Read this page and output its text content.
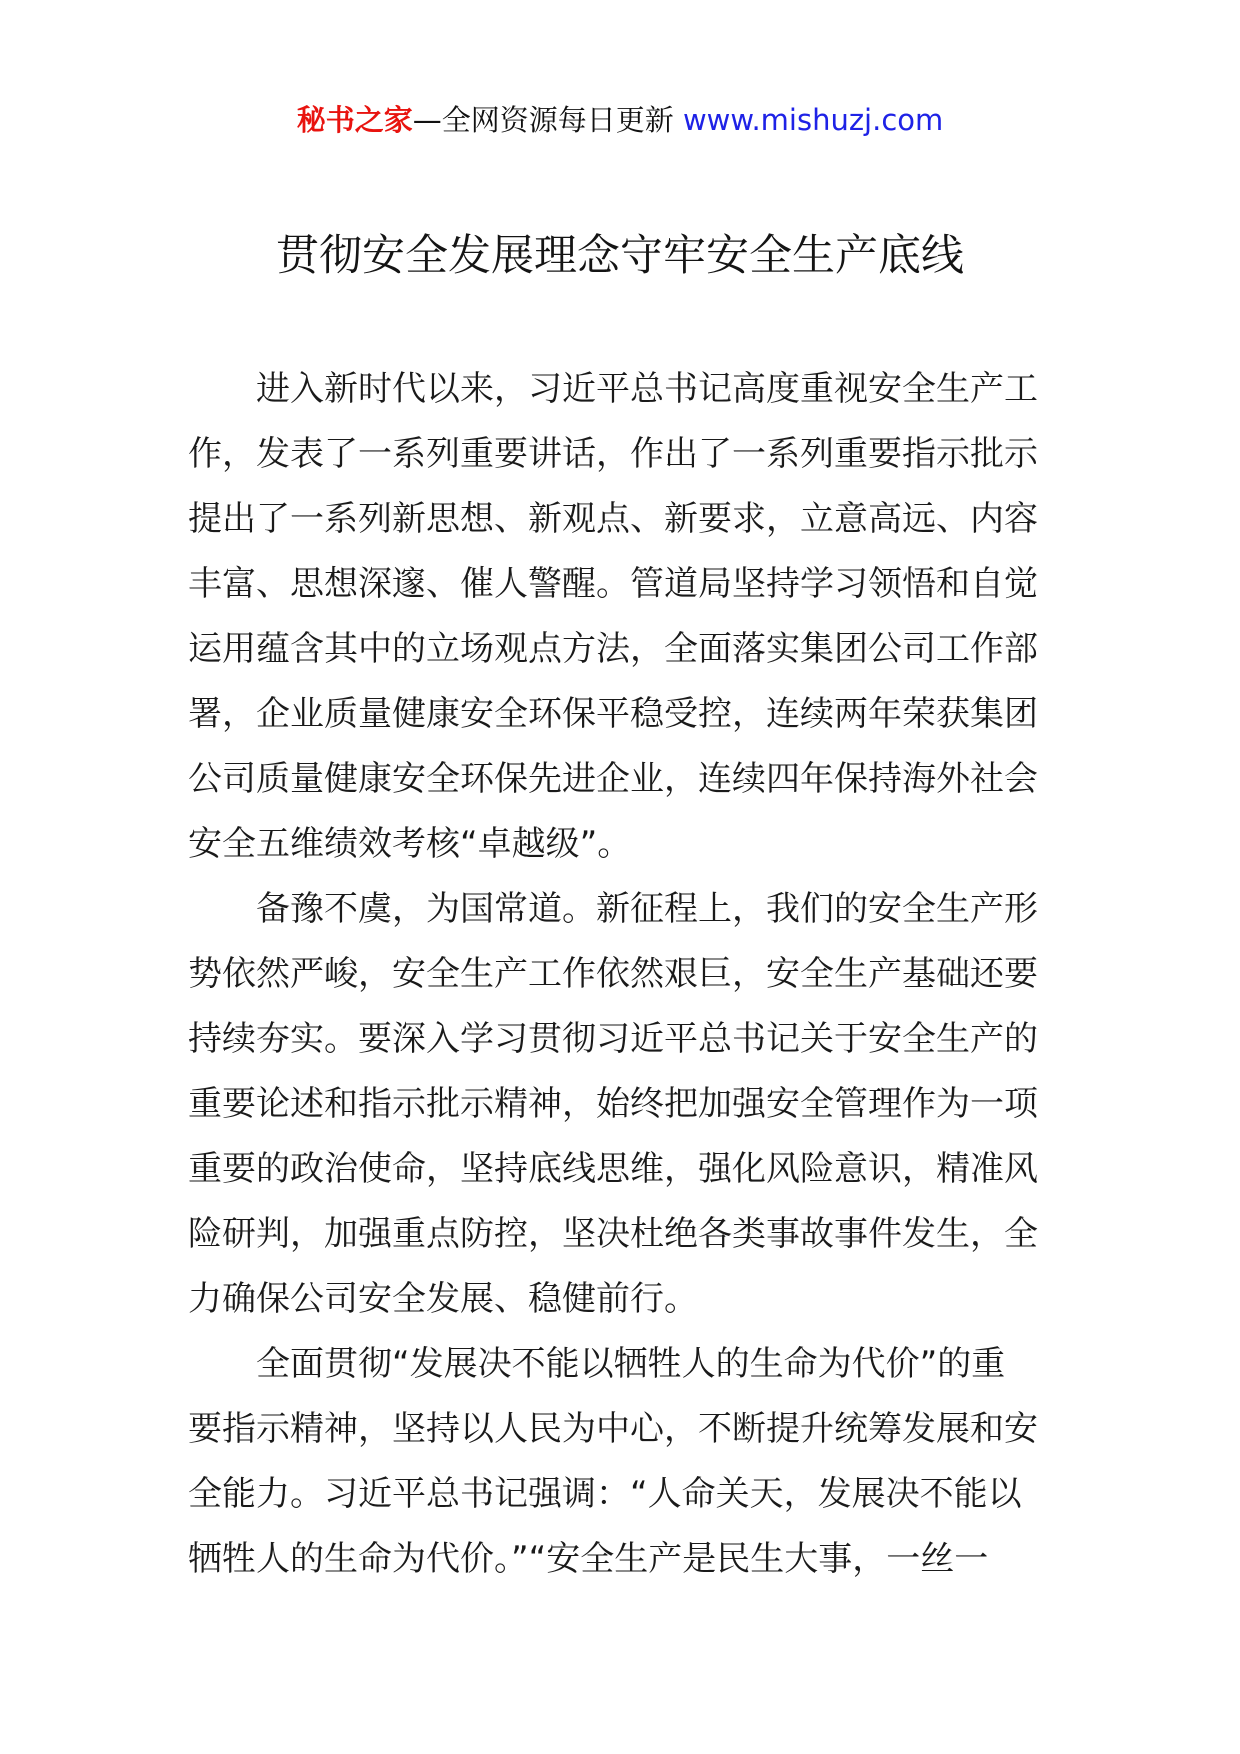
秘书之家—全网资源每日更新 www.mishuzj.com
贯彻安全发展理念守牢安全生产底线
　　进入新时代以来，习近平总书记高度重视安全生产工
作，发表了一系列重要讲话，作出了一系列重要指示批示
提出了一系列新思想、新观点、新要求，立意高远、内容
丰富、思想深邃、催人警醒。管道局坚持学习领悟和自觉
运用蕴含其中的立场观点方法，全面落实集团公司工作部
署，企业质量健康安全环保平稳受控，连续两年荣获集团
公司质量健康安全环保先进企业，连续四年保持海外社会
安全五维绩效考核“卓越级”。
　　备豫不虞，为国常道。新征程上，我们的安全生产形
势依然严峻，安全生产工作依然艰巨，安全生产基础还要
持续夯实。要深入学习贯彻习近平总书记关于安全生产的
重要论述和指示批示精神，始终把加强安全管理作为一项
重要的政治使命，坚持底线思维，强化风险意识，精准风
险研判，加强重点防控，坚决杜绝各类事故事件发生，全
力确保公司安全发展、稳健前行。
　　全面贯彻“发展决不能以牺牲人的生命为代价”的重
要指示精神，坚持以人民为中心，不断提升统筹发展和安
全能力。习近平总书记强调：“人命关天，发展决不能以
牺牲人的生命为代价。”“安全生产是民生大事，一丝一
